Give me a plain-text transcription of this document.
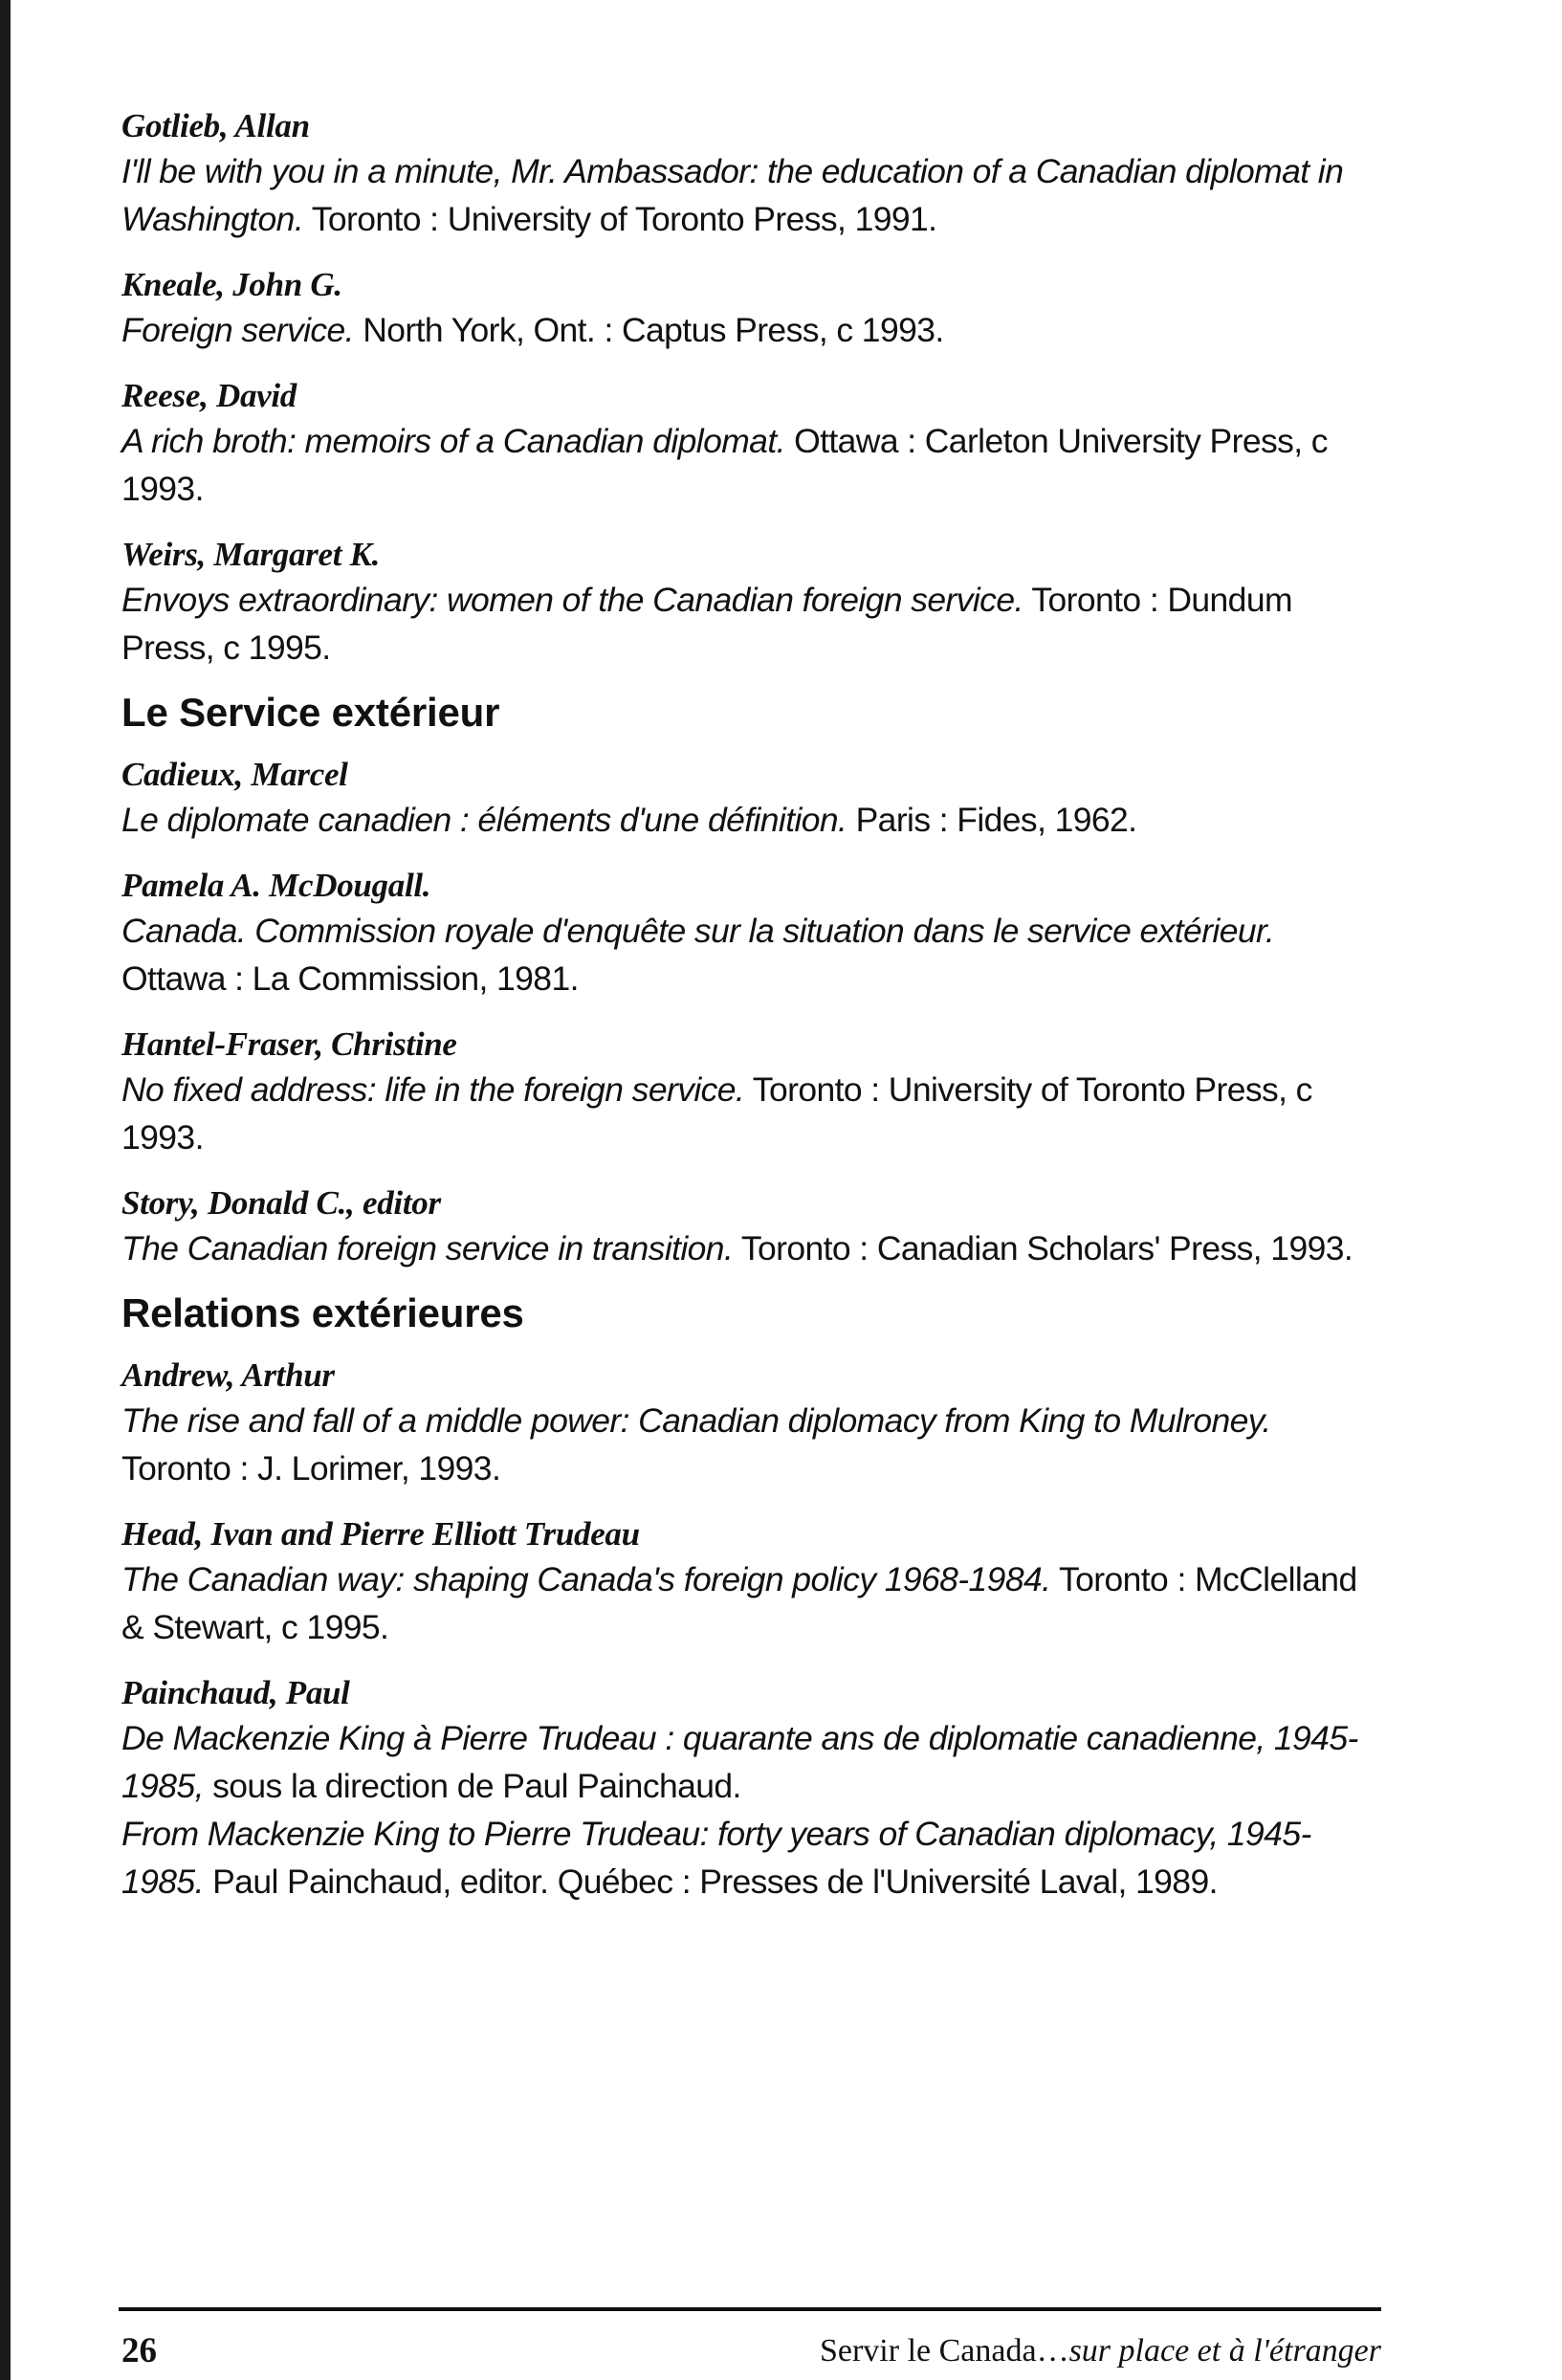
Gotlieb, Allan
I'll be with you in a minute, Mr. Ambassador: the education of a Canadian diplomat in Washington. Toronto : University of Toronto Press, 1991.
Kneale, John G.
Foreign service. North York, Ont. : Captus Press, c 1993.
Reese, David
A rich broth: memoirs of a Canadian diplomat. Ottawa : Carleton University Press, c 1993.
Weirs, Margaret K.
Envoys extraordinary: women of the Canadian foreign service. Toronto : Dundum Press, c 1995.
Le Service extérieur
Cadieux, Marcel
Le diplomate canadien : éléments d'une définition. Paris : Fides, 1962.
Pamela A. McDougall.
Canada. Commission royale d'enquête sur la situation dans le service extérieur. Ottawa : La Commission, 1981.
Hantel-Fraser, Christine
No fixed address: life in the foreign service. Toronto : University of Toronto Press, c 1993.
Story, Donald C., editor
The Canadian foreign service in transition. Toronto : Canadian Scholars' Press, 1993.
Relations extérieures
Andrew, Arthur
The rise and fall of a middle power: Canadian diplomacy from King to Mulroney. Toronto : J. Lorimer, 1993.
Head, Ivan and Pierre Elliott Trudeau
The Canadian way: shaping Canada's foreign policy 1968-1984. Toronto : McClelland & Stewart, c 1995.
Painchaud, Paul
De Mackenzie King à Pierre Trudeau : quarante ans de diplomatie canadienne, 1945-1985, sous la direction de Paul Painchaud.
From Mackenzie King to Pierre Trudeau: forty years of Canadian diplomacy, 1945-1985. Paul Painchaud, editor. Québec : Presses de l'Université Laval, 1989.
26	Servir le Canada…sur place et à l'étranger
